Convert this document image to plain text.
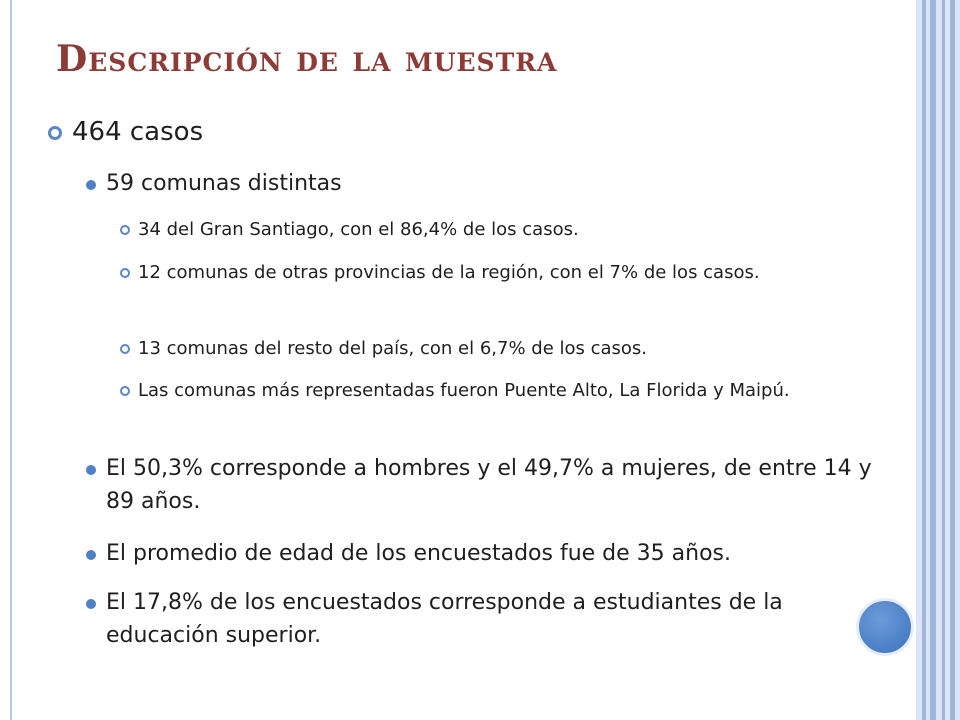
Descripción de la muestra
464 casos
59 comunas distintas
34 del Gran Santiago, con el 86,4% de los casos.
12 comunas de otras provincias de la región, con el 7% de los casos.
13 comunas del resto del país, con el 6,7% de los casos.
Las comunas más representadas fueron Puente Alto, La Florida y Maipú.
El 50,3% corresponde a hombres y el 49,7% a mujeres, de entre 14 y 89 años.
El promedio de edad de los encuestados fue de 35 años.
El 17,8% de los encuestados corresponde a estudiantes de la educación superior.
